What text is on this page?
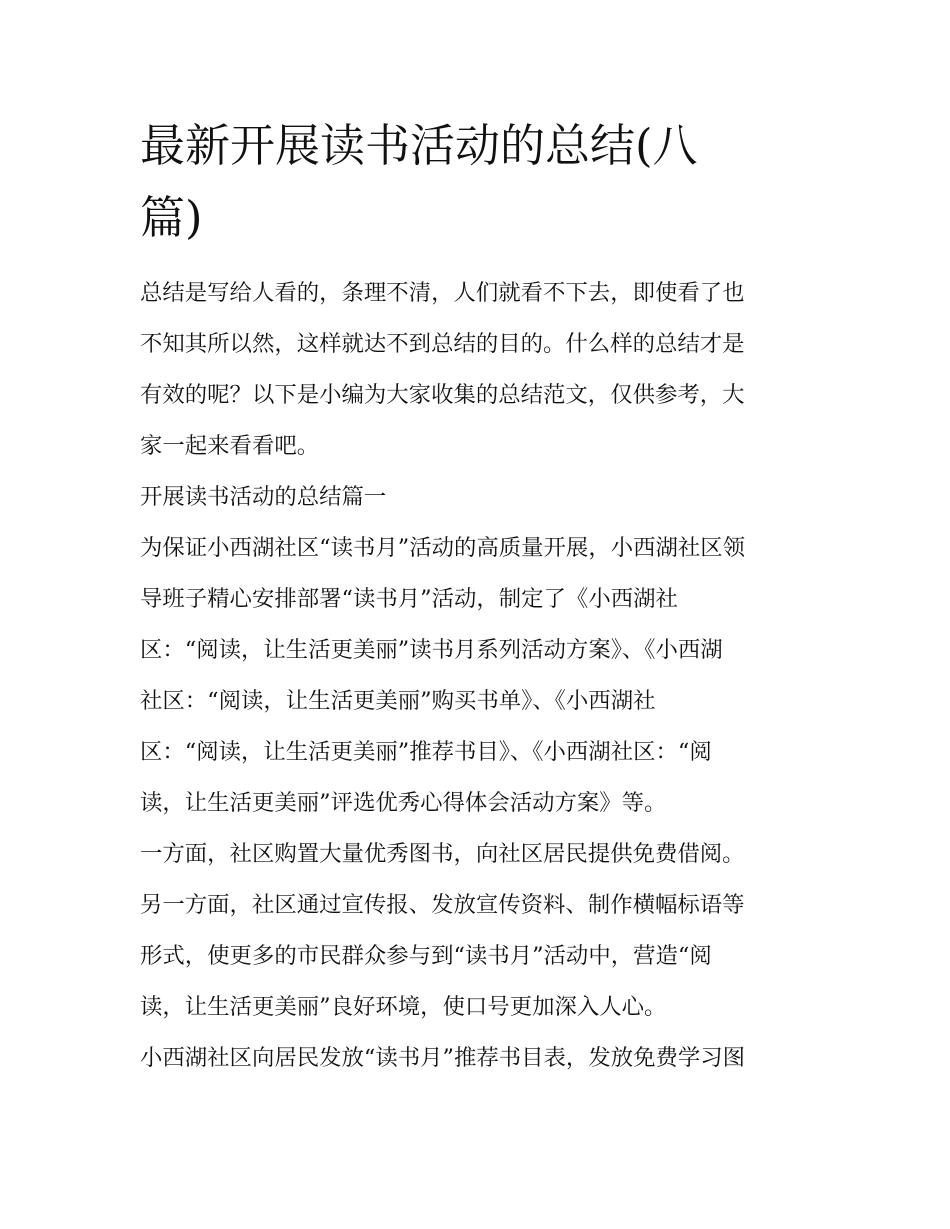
最新开展读书活动的总结(八
篇)

总结是写给人看的，条理不清，人们就看不下去，即使看了也
不知其所以然，这样就达不到总结的目的。什么样的总结才是
有效的呢？以下是小编为大家收集的总结范文，仅供参考，大
家一起来看看吧。

开展读书活动的总结篇一

为保证小西湖社区“读书月”活动的高质量开展，小西湖社区领
导班子精心安排部署“读书月”活动，制定了《小西湖社
区：“阅读，让生活更美丽”读书月系列活动方案》、《小西湖
社区：“阅读，让生活更美丽”购买书单》、《小西湖社
区：“阅读，让生活更美丽”推荐书目》、《小西湖社区：“阅
读，让生活更美丽”评选优秀心得体会活动方案》等。

一方面，社区购置大量优秀图书，向社区居民提供免费借阅。

另一方面，社区通过宣传报、发放宣传资料、制作横幅标语等
形式，使更多的市民群众参与到“读书月”活动中，营造“阅
读，让生活更美丽”良好环境，使口号更加深入人心。

小西湖社区向居民发放“读书月”推荐书目表，发放免费学习图
